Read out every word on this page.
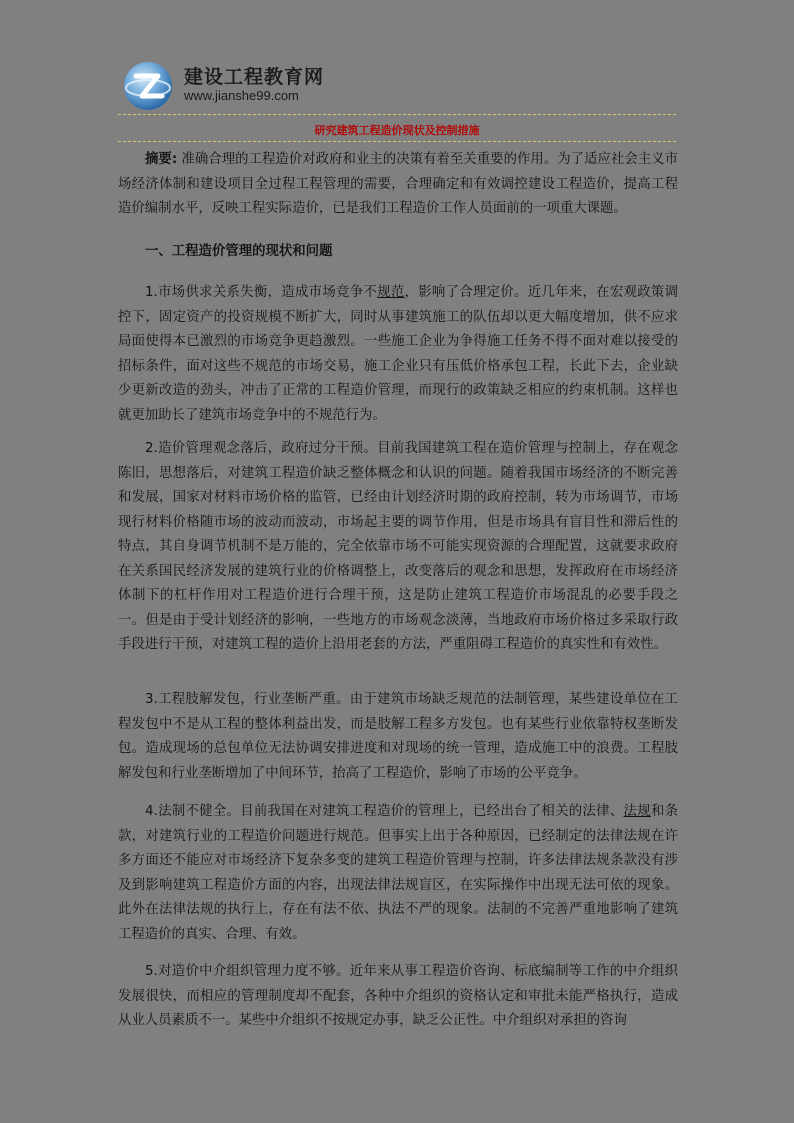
建设工程教育网
www.jianshe99.com
研究建筑工程造价现状及控制措施

摘要: 准确合理的工程造价对政府和业主的决策有着至关重要的作用。为了适应社会主义市场经济体制和建设项目全过程工程管理的需要，合理确定和有效调控建设工程造价，提高工程造价编制水平，反映工程实际造价，已是我们工程造价工作人员面前的一项重大课题。

一、工程造价管理的现状和问题

1.市场供求关系失衡，造成市场竞争不规范，影响了合理定价。近几年来，在宏观政策调控下，固定资产的投资规模不断扩大，同时从事建筑施工的队伍却以更大幅度增加，供不应求局面使得本已激烈的市场竞争更趋激烈。一些施工企业为争得施工任务不得不面对难以接受的招标条件，面对这些不规范的市场交易，施工企业只有压低价格承包工程，长此下去，企业缺少更新改造的劲头，冲击了正常的工程造价管理，而现行的政策缺乏相应的约束机制。这样也就更加助长了建筑市场竞争中的不规范行为。

2.造价管理观念落后，政府过分干预。目前我国建筑工程在造价管理与控制上，存在观念陈旧，思想落后，对建筑工程造价缺乏整体概念和认识的问题。随着我国市场经济的不断完善和发展，国家对材料市场价格的监管，已经由计划经济时期的政府控制，转为市场调节，市场现行材料价格随市场的波动而波动，市场起主要的调节作用，但是市场具有盲目性和滞后性的特点，其自身调节机制不是万能的，完全依靠市场不可能实现资源的合理配置，这就要求政府在关系国民经济发展的建筑行业的价格调整上，改变落后的观念和思想，发挥政府在市场经济体制下的杠杆作用对工程造价进行合理干预，这是防止建筑工程造价市场混乱的必要手段之一。但是由于受计划经济的影响，一些地方的市场观念淡薄，当地政府市场价格过多采取行政手段进行干预，对建筑工程的造价上沿用老套的方法，严重阻碍工程造价的真实性和有效性。

3.工程肢解发包，行业垄断严重。由于建筑市场缺乏规范的法制管理，某些建设单位在工程发包中不是从工程的整体利益出发，而是肢解工程多方发包。也有某些行业依靠特权垄断发包。造成现场的总包单位无法协调安排进度和对现场的统一管理，造成施工中的浪费。工程肢解发包和行业垄断增加了中间环节，抬高了工程造价，影响了市场的公平竞争。

4.法制不健全。目前我国在对建筑工程造价的管理上，已经出台了相关的法律、法规和条款，对建筑行业的工程造价问题进行规范。但事实上出于各种原因，已经制定的法律法规在许多方面还不能应对市场经济下复杂多变的建筑工程造价管理与控制，许多法律法规条款没有涉及到影响建筑工程造价方面的内容，出现法律法规盲区，在实际操作中出现无法可依的现象。此外在法律法规的执行上，存在有法不依、执法不严的现象。法制的不完善严重地影响了建筑工程造价的真实、合理、有效。

5.对造价中介组织管理力度不够。近年来从事工程造价咨询、标底编制等工作的中介组织发展很快，而相应的管理制度却不配套，各种中介组织的资格认定和审批未能严格执行，造成从业人员素质不一。某些中介组织不按规定办事，缺乏公正性。中介组织对承担的咨询
